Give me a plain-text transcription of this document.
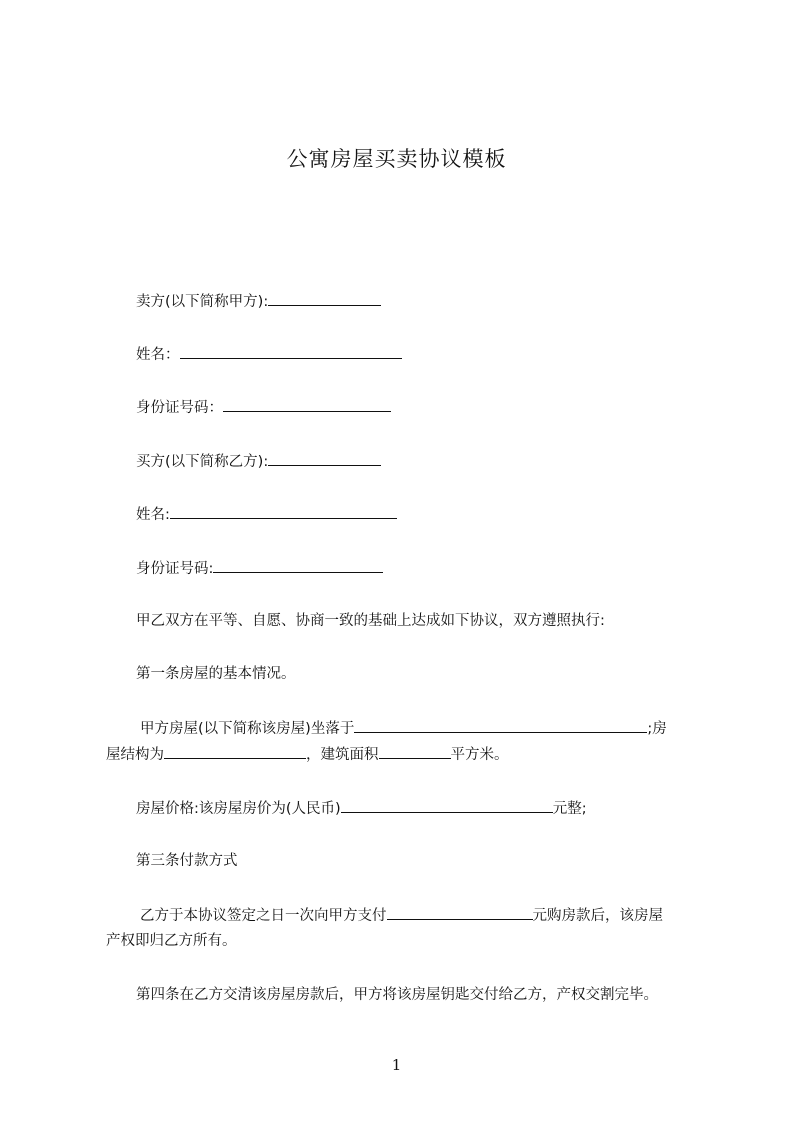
公寓房屋买卖协议模板
卖方(以下简称甲方):
姓名：
身份证号码：
买方(以下简称乙方):
姓名:
身份证号码:
甲乙双方在平等、自愿、协商一致的基础上达成如下协议，双方遵照执行:
第一条房屋的基本情况。
甲方房屋(以下简称该房屋)坐落于	;房
屋结构为	，建筑面积	平方米。
房屋价格:该房屋房价为(人民币)	元整;
第三条付款方式
乙方于本协议签定之日一次向甲方支付	元购房款后，该房屋
产权即归乙方所有。
第四条在乙方交清该房屋房款后，甲方将该房屋钥匙交付给乙方，产权交割完毕。
1
